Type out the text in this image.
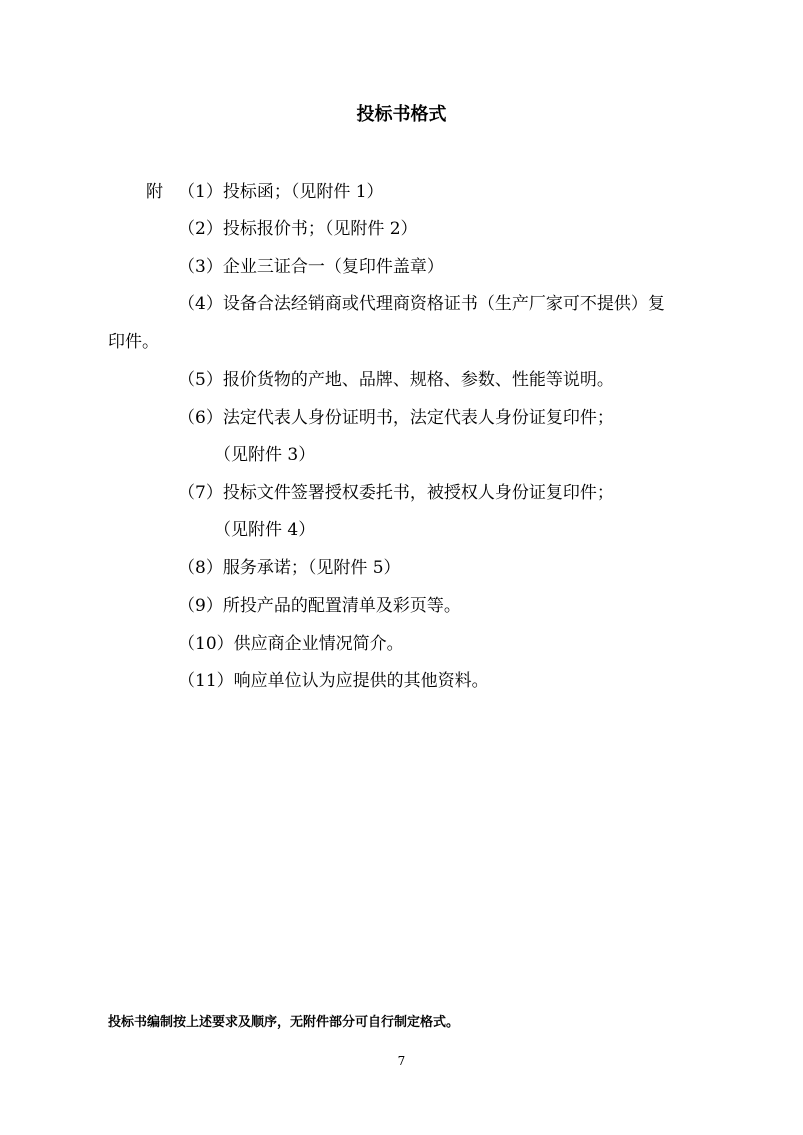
投标书格式
附 （1）投标函；（见附件 1）
（2）投标报价书；（见附件 2）
（3）企业三证合一（复印件盖章）
（4）设备合法经销商或代理商资格证书（生产厂家可不提供）复
印件。
（5）报价货物的产地、品牌、规格、参数、性能等说明。
（6）法定代表人身份证明书，法定代表人身份证复印件；
（见附件 3）
（7）投标文件签署授权委托书，被授权人身份证复印件；
（见附件 4）
（8）服务承诺；（见附件 5）
（9）所投产品的配置清单及彩页等。
（10）供应商企业情况简介。
（11）响应单位认为应提供的其他资料。
投标书编制按上述要求及顺序，无附件部分可自行制定格式。
7
